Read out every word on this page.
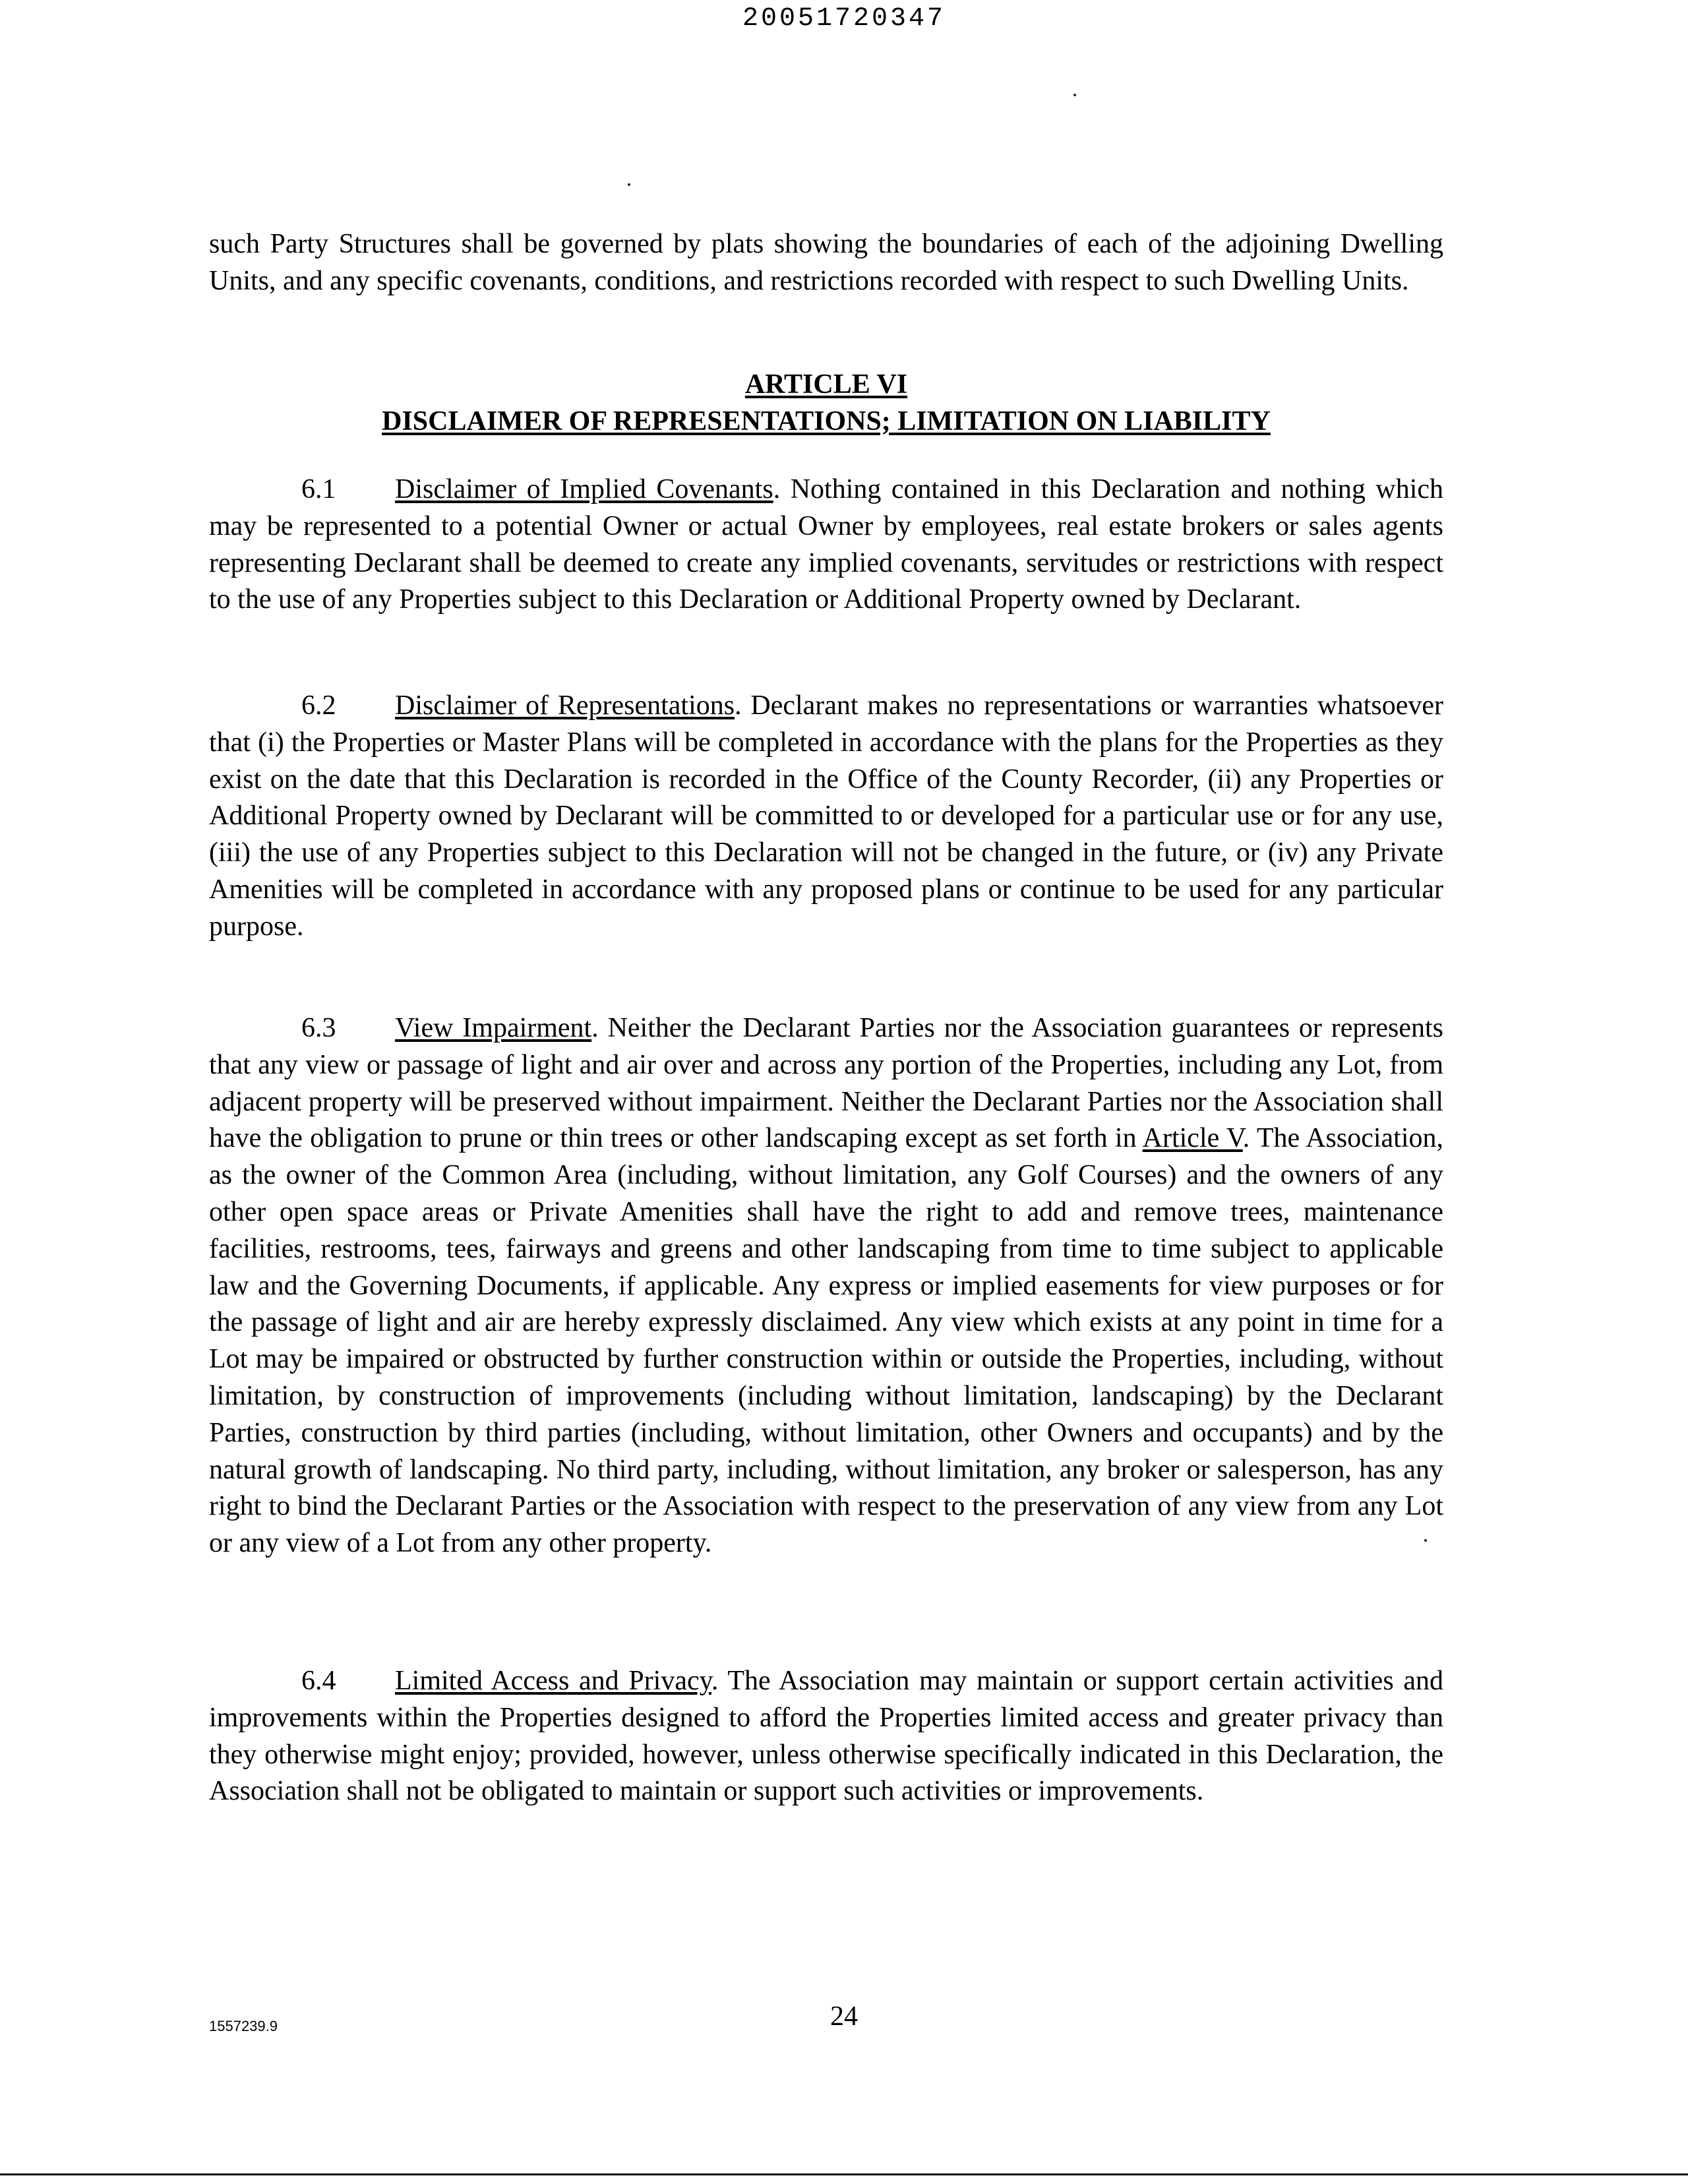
20051720347
such Party Structures shall be governed by plats showing the boundaries of each of the adjoining Dwelling Units, and any specific covenants, conditions, and restrictions recorded with respect to such Dwelling Units.
ARTICLE VI
DISCLAIMER OF REPRESENTATIONS; LIMITATION ON LIABILITY
6.1 Disclaimer of Implied Covenants. Nothing contained in this Declaration and nothing which may be represented to a potential Owner or actual Owner by employees, real estate brokers or sales agents representing Declarant shall be deemed to create any implied covenants, servitudes or restrictions with respect to the use of any Properties subject to this Declaration or Additional Property owned by Declarant.
6.2 Disclaimer of Representations. Declarant makes no representations or warranties whatsoever that (i) the Properties or Master Plans will be completed in accordance with the plans for the Properties as they exist on the date that this Declaration is recorded in the Office of the County Recorder, (ii) any Properties or Additional Property owned by Declarant will be committed to or developed for a particular use or for any use, (iii) the use of any Properties subject to this Declaration will not be changed in the future, or (iv) any Private Amenities will be completed in accordance with any proposed plans or continue to be used for any particular purpose.
6.3 View Impairment. Neither the Declarant Parties nor the Association guarantees or represents that any view or passage of light and air over and across any portion of the Properties, including any Lot, from adjacent property will be preserved without impairment. Neither the Declarant Parties nor the Association shall have the obligation to prune or thin trees or other landscaping except as set forth in Article V. The Association, as the owner of the Common Area (including, without limitation, any Golf Courses) and the owners of any other open space areas or Private Amenities shall have the right to add and remove trees, maintenance facilities, restrooms, tees, fairways and greens and other landscaping from time to time subject to applicable law and the Governing Documents, if applicable. Any express or implied easements for view purposes or for the passage of light and air are hereby expressly disclaimed. Any view which exists at any point in time for a Lot may be impaired or obstructed by further construction within or outside the Properties, including, without limitation, by construction of improvements (including without limitation, landscaping) by the Declarant Parties, construction by third parties (including, without limitation, other Owners and occupants) and by the natural growth of landscaping. No third party, including, without limitation, any broker or salesperson, has any right to bind the Declarant Parties or the Association with respect to the preservation of any view from any Lot or any view of a Lot from any other property.
6.4 Limited Access and Privacy. The Association may maintain or support certain activities and improvements within the Properties designed to afford the Properties limited access and greater privacy than they otherwise might enjoy; provided, however, unless otherwise specifically indicated in this Declaration, the Association shall not be obligated to maintain or support such activities or improvements.
1557239.9	24
